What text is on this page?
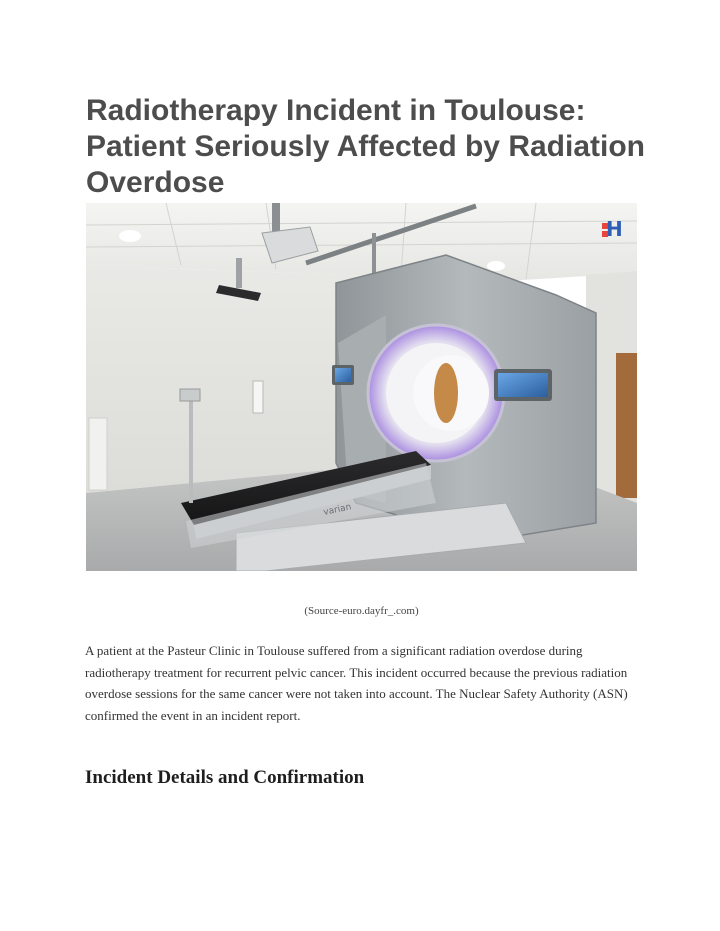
Radiotherapy Incident in Toulouse: Patient Seriously Affected by Radiation Overdose
varian
H

(Source-euro.dayfr_.com)

A patient at the Pasteur Clinic in Toulouse suffered from a significant radiation overdose during radiotherapy treatment for recurrent pelvic cancer. This incident occurred because the previous radiation overdose sessions for the same cancer were not taken into account. The Nuclear Safety Authority (ASN) confirmed the event in an incident report.

Incident Details and Confirmation
